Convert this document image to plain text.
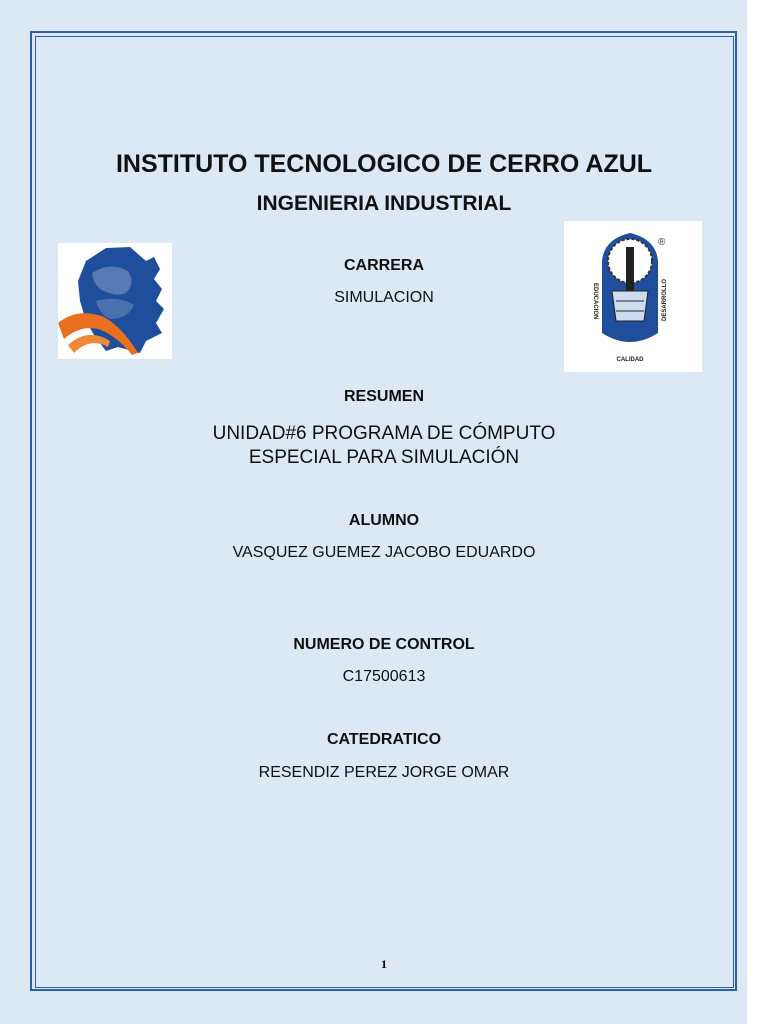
INSTITUTO TECNOLOGICO DE CERRO AZUL
INGENIERIA INDUSTRIAL
®
EDUCACION	DESARROLLO
CALIDAD
CARRERA
SIMULACION
RESUMEN
UNIDAD#6 PROGRAMA DE CÓMPUTO ESPECIAL PARA SIMULACIÓN
ALUMNO
VASQUEZ GUEMEZ JACOBO EDUARDO
NUMERO DE CONTROL
C17500613
CATEDRATICO
RESENDIZ PEREZ JORGE OMAR
1
